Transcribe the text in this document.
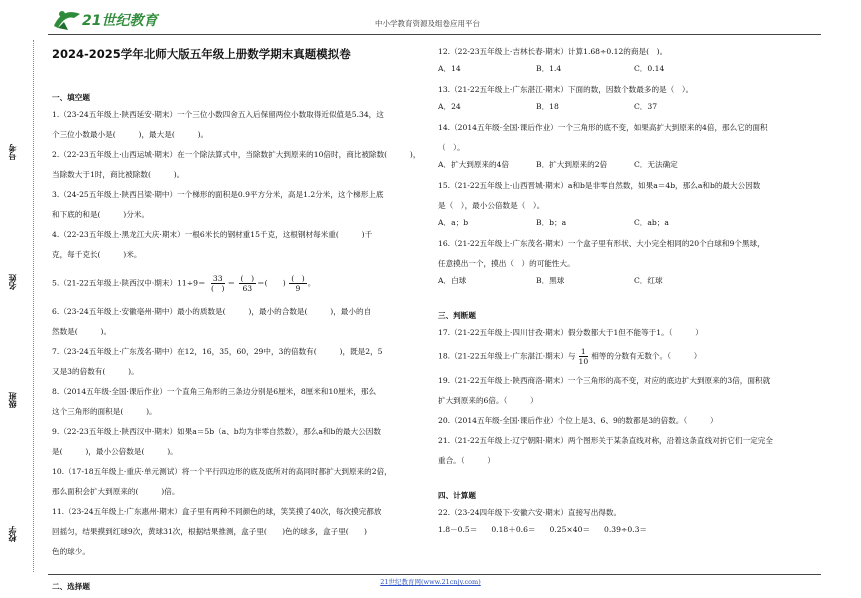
21世纪教育	中小学教育资源及组卷应用平台
号考
名姓
级班
校学
2024-2025学年北师大版五年级上册数学期末真题模拟卷
一、填空题
1.（23-24五年级上·陕西延安·期末）一个三位小数四舍五入后保留两位小数取得近似值是5.34，这
个三位小数最小是(　　　)，最大是(　　　)。
2.（22-23五年级上·山西运城·期末）在一个除法算式中，当除数扩大到原来的10倍时，商比被除数(　　　)，
当除数大于1时，商比被除数(　　　)。
3.（24-25五年级上·陕西吕梁·期中）一个梯形的面积是0.9平方分米，高是1.2分米，这个梯形上底
和下底的和是(　　　)分米。
4.（22-23五年级上·黑龙江大庆·期末）一根6米长的钢材重15千克，这根钢材每米重(　　　)千
克，每千克长(　　　)米。
5.（21-22五年级上·陕西汉中·期末）$11\div 9= \frac{33}{( )} = \frac{( )}{63}$ ＝(　　) $\frac{( )}{9}$ 。
6.（23-24五年级上·安徽亳州·期中）最小的质数是(　　　)，最小的合数是(　　　)，最小的自
然数是(　　　)。
7.（23-24五年级上·广东茂名·期中）在12，16，35，60，29中，3的倍数有(　　　)，既是2，5
又是3的倍数有(　　　)。
8.（2014五年级·全国·课后作业）一个直角三角形的三条边分别是6厘米，8厘米和10厘米，那么
这个三角形的面积是(　　　)。
9.（22-23五年级上·陕西汉中·期末）如果a＝5b（a、b均为非零自然数），那么a和b的最大公因数
是(　　　)，最小公倍数是(　　　)。
10.（17-18五年级上·重庆·单元测试）将一个平行四边形的底及底所对的高同时都扩大到原来的2倍，
那么面积会扩大到原来的(　　　)倍。
11.（23-24五年级上·广东惠州·期末）盒子里有两种不同颜色的球，笑笑摸了40次，每次摸完都放
回摇匀，结果摸到红球9次，黄球31次，根据结果推测，盒子里(　　)色的球多，盒子里(　　)
色的球少。
二、选择题
12.（22-23五年级上·吉林长春·期末）计算1.68÷0.12的商是(　)。
A．14	B．1.4	C．0.14
13.（21-22五年级上·广东湛江·期末）下面的数，因数个数最多的是（　）。
A．24	B．18	C．37
14.（2014五年级·全国·课后作业）一个三角形的底不变，如果高扩大到原来的4倍，那么它的面积
（　）。
A．扩大到原来的4倍	B．扩大到原来的2倍	C．无法确定
15.（21-22五年级上·山西晋城·期末）a和b是非零自然数，如果a＝4b，那么a和b的最大公因数
是（　），最小公倍数是（　）。
A．a；b	B．b；a	C．ab；a
16.（21-22五年级上·广东茂名·期末）一个盒子里有形状、大小完全相同的20个白球和9个黑球，
任意摸出一个，摸出（　）的可能性大。
A．白球	B．黑球	C．红球
三、判断题
17.（21-22五年级上·四川甘孜·期末）假分数都大于1但不能等于1。（　　　）
18.（21-22五年级上·广东湛江·期末）与 $\frac{1}{10}$ 相等的分数有无数个。（　　　）
19.（21-22五年级上·陕西商洛·期末）一个三角形的高不变，对应的底边扩大到原来的3倍，面积就
扩大到原来的6倍。（　　　）
20.（2014五年级·全国·课后作业）个位上是3、6、9的数都是3的倍数。（　　　）
21.（21-22五年级上·辽宁朝阳·期末）两个图形关于某条直线对称，沿着这条直线对折它们一定完全
重合。（　　　）
四、计算题
22.（23-24四年级下·安徽六安·期末）直接写出得数。
1.8－0.5＝ 0.18＋0.6＝ 0.25×40＝ 0.39÷0.3＝
21世纪教育网(www.21cnjy.com)
